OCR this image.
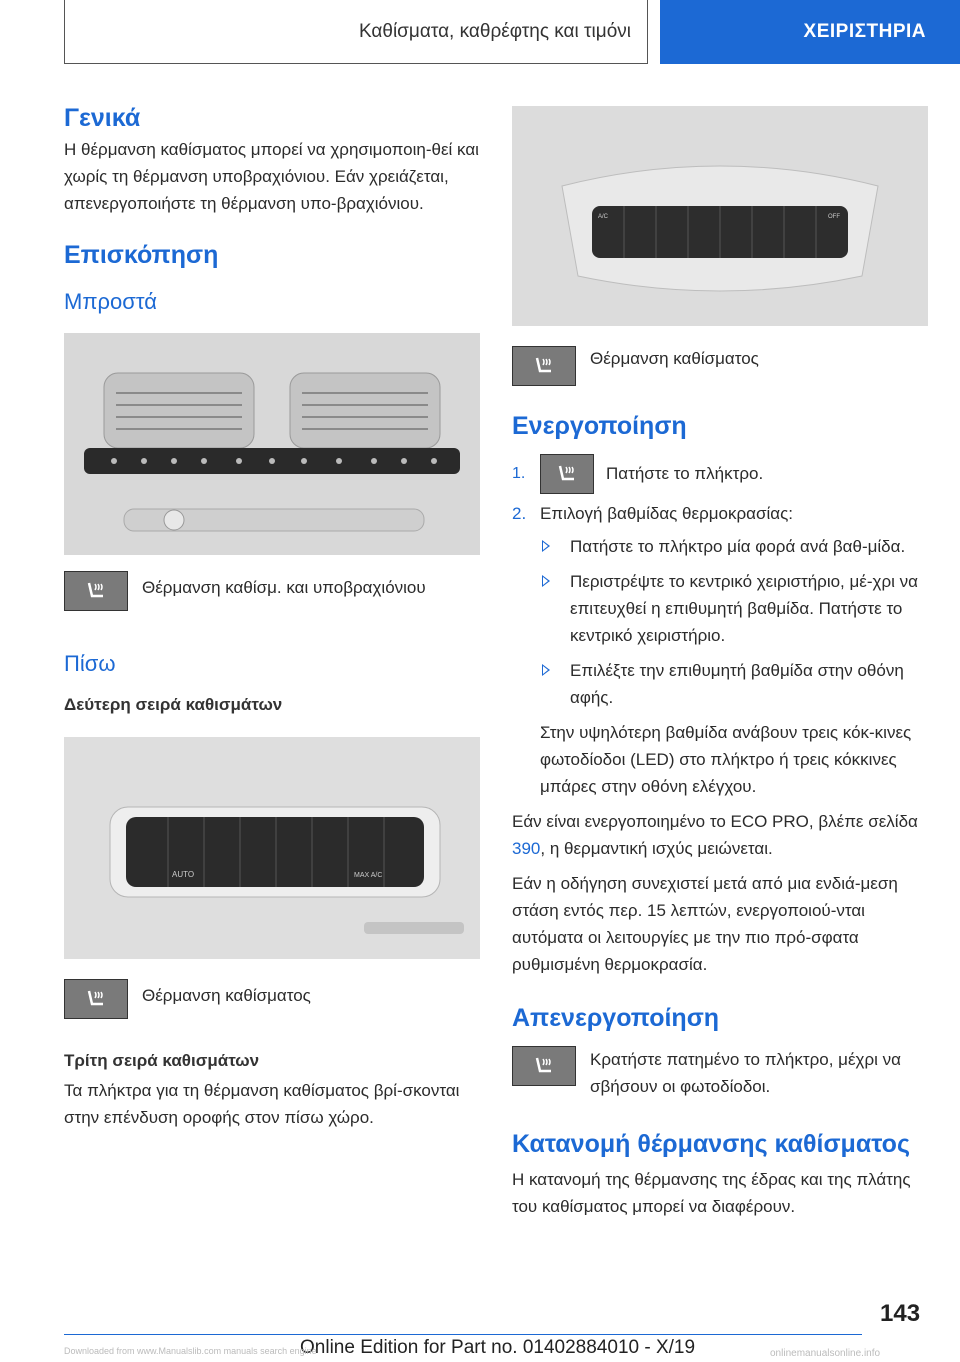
Καθίσματα, καθρέφτης και τιμόνι	ΧΕΙΡΙΣΤΗΡΙΑ
Γενικά

Η θέρμανση καθίσματος μπορεί να χρησιμοποιη-θεί και χωρίς τη θέρμανση υποβραχιόνιου. Εάν χρειάζεται, απενεργοποιήστε τη θέρμανση υπο-βραχιόνιου.

Επισκόπηση
Μπροστά
Θέρμανση καθίσμ. και υποβραχιόνιου
Πίσω
Δεύτερη σειρά καθισμάτων
AUTO	MAX A/C
Θέρμανση καθίσματος
Τρίτη σειρά καθισμάτων

Τα πλήκτρα για τη θέρμανση καθίσματος βρί-σκονται στην επένδυση οροφής στον πίσω χώρο.

A/C	OFF
Θέρμανση καθίσματος
Ενεργοποίηση
1.	Πατήστε το πλήκτρο.

2. Επιλογή βαθμίδας θερμοκρασίας:

Πατήστε το πλήκτρο μία φορά ανά βαθ-μίδα.

Περιστρέψτε το κεντρικό χειριστήριο, μέ-χρι να επιτευχθεί η επιθυμητή βαθμίδα. Πατήστε το κεντρικό χειριστήριο.

Επιλέξτε την επιθυμητή βαθμίδα στην οθόνη αφής.

Στην υψηλότερη βαθμίδα ανάβουν τρεις κόκ-κινες φωτοδίοδοι (LED) στο πλήκτρο ή τρεις κόκκινες μπάρες στην οθόνη ελέγχου.

Εάν είναι ενεργοποιημένο το ECO PRO, βλέπε σελίδα 390, η θερμαντική ισχύς μειώνεται.

Εάν η οδήγηση συνεχιστεί μετά από μια ενδιά-μεση στάση εντός περ. 15 λεπτών, ενεργοποιού-νται αυτόματα οι λειτουργίες με την πιο πρό-σφατα ρυθμισμένη θερμοκρασία.

Απενεργοποίηση

Κρατήστε πατημένο το πλήκτρο, μέχρι να σβήσουν οι φωτοδίοδοι.

Κατανομή θέρμανσης καθίσματος

Η κατανομή της θέρμανσης της έδρας και της πλάτης του καθίσματος μπορεί να διαφέρουν.

143
Online Edition for Part no. 01402884010 - X/19
Downloaded from www.Manualslib.com manuals search engine	onlinemanualsonline.info
